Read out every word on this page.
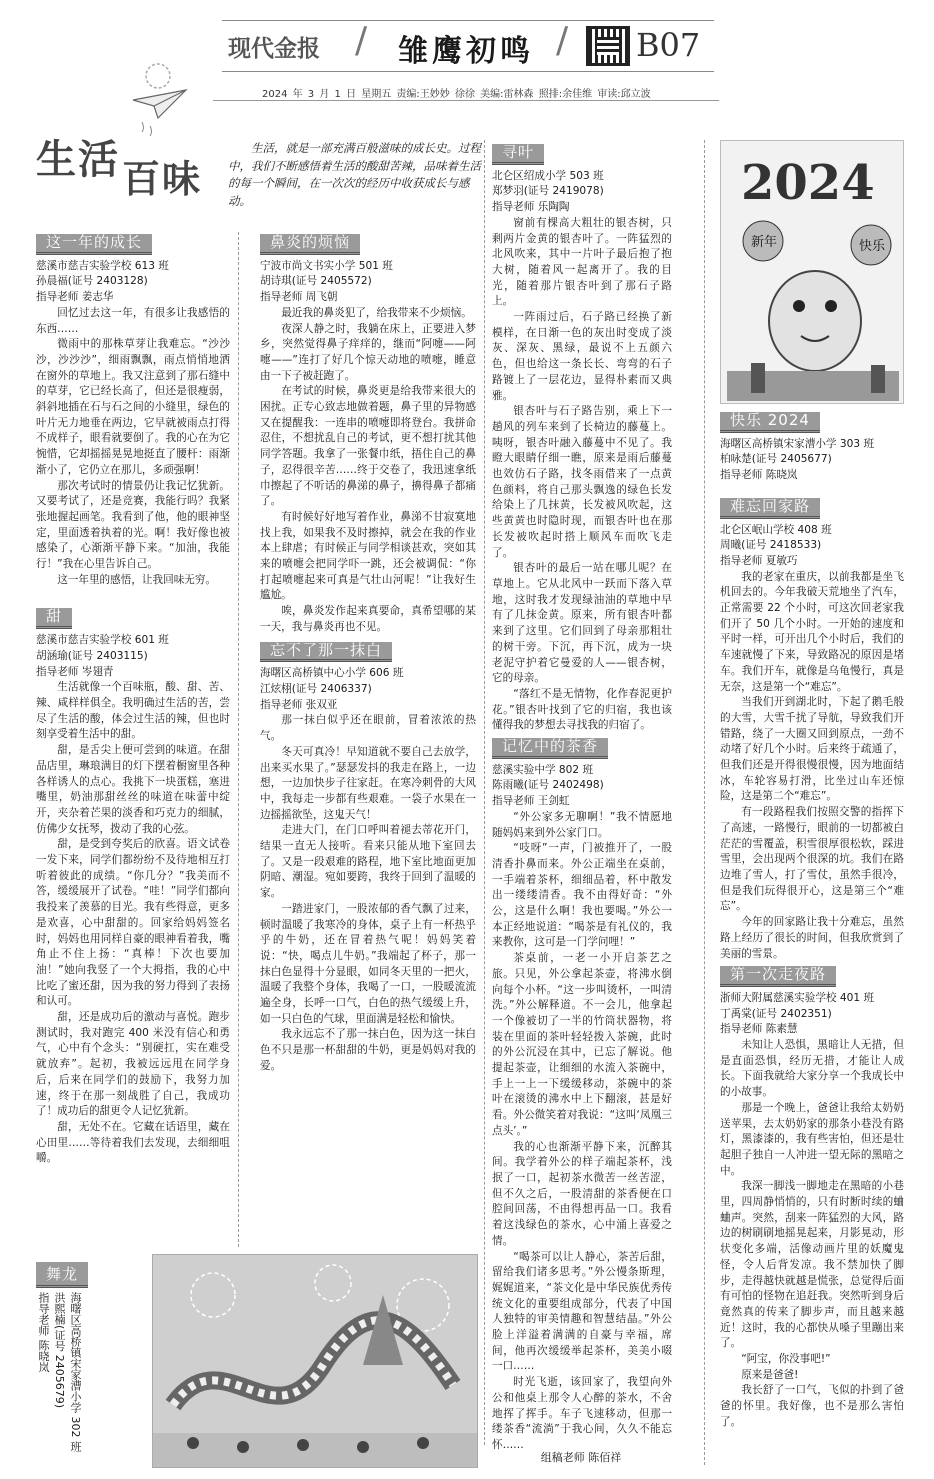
现代金报 / 雏鹰初鸣 / B07
2024 年 3 月 1 日 星期五 责编:王妙妙 徐徐 美编:雷林森 照排:余佳维 审读:邱立波
生活 百味
生活，就是一部充满百般滋味的成长史。过程中，我们不断感悟着生活的酸甜苦辣，品味着生活的每一个瞬间，在一次次的经历中收获成长与感动。
这一年的成长
慈溪市慈吉实验学校 613 班
孙晨福(证号 2403128)
指导老师 姜志华

回忆过去这一年，有很多让我感悟的东西……

微雨中的那株草芽让我难忘。“沙沙沙，沙沙沙”，细雨飘飘，雨点悄悄地洒在窗外的草地上。我又注意到了那石缝中的草芽，它已经长高了，但还是很瘦弱，斜斜地插在石与石之间的小缝里，绿色的叶片无力地垂在两边，它早就被雨点打得不成样子，眼看就要倒了。我的心在为它惋惜，它却摇摇晃晃地挺直了腰杆：雨渐渐小了，它仍立在那儿，多顽强啊！

那次考试时的情景仍让我记忆犹新。又要考试了，还是竞赛，我能行吗？我紧张地握起画笔。我看到了他，他的眼神坚定，里面透着执着的光。啊！我好像也被感染了，心渐渐平静下来。“加油，我能行！”我在心里告诉自己。

这一年里的感悟，让我回味无穷。

甜
慈溪市慈吉实验学校 601 班
胡涵瑜(证号 2403115)
指导老师 岑翅青

生活就像一个百味瓶，酸、甜、苦、辣、咸样样俱全。我明确过生活的苦，尝尽了生活的酸，体会过生活的辣，但也时刻享受着生活中的甜。

甜，是舌尖上便可尝到的味道。在甜品店里，琳琅满目的灯下摆着橱窗里各种各样诱人的点心。我挑下一块蛋糕，塞进嘴里，奶油那甜丝丝的味道在味蕾中绽开，夹杂着芒果的淡香和巧克力的细腻，仿佛少女抚琴，拨动了我的心弦。

甜，是受到夸奖后的欣喜。语文试卷一发下来，同学们都纷纷不及待地相互打听着彼此的成绩。“你几分？”我美而不答，缓缓展开了试卷。“哇！”同学们都向我投来了羡慕的目光。我有些得意，更多是欢喜，心中甜甜的。回家给妈妈签名时，妈妈也用同样自豪的眼神看着我，嘴角止不住上扬：“真棒！下次也要加油！”她向我竖了一个大拇指，我的心中比吃了蜜还甜，因为我的努力得到了表扬和认可。

甜，还是成功后的激动与喜悦。跑步测试时，我对跑完 400 米没有信心和勇气，心中有个念头：“别硬扛，实在难受就放弃”。起初，我被远远甩在同学身后，后来在同学们的鼓励下，我努力加速，终于在那一刻战胜了自己，我成功了！成功后的甜更令人记忆犹新。

甜，无处不在。它藏在话语里，藏在心田里……等待着我们去发现，去细细咀嚼。

鼻炎的烦恼
宁波市尚文书实小学 501 班
胡诗琪(证号 2405572)
指导老师 周飞朝

最近我的鼻炎犯了，给我带来不少烦恼。

夜深人静之时，我躺在床上，正要进入梦乡，突然觉得鼻子痒痒的，继而“阿嚏——阿嚏——”连打了好几个惊天动地的喷嚏，睡意由一下子被赶跑了。

在考试的时候，鼻炎更是给我带来很大的困扰。正专心致志地做着题，鼻子里的异物感又在提醒我：一连串的喷嚏即将登台。我拼命忍住，不想扰乱自己的考试，更不想打扰其他同学答题。我拿了一张餐巾纸，捂住自己的鼻子，忍得很辛苦……终于交卷了，我迅速拿纸巾擦起了不听话的鼻涕的鼻子，擤得鼻子都痛了。

有时候好好地写着作业，鼻涕不甘寂寞地找上我，如果我不及时擦掉，就会在我的作业本上肆虐；有时候正与同学相谈甚欢，突如其来的喷嚏会把同学吓一跳，还会被调侃：“你打起喷嚏起来可真是气壮山河呢！”让我好生尴尬。

唉，鼻炎发作起来真要命，真希望哪的某一天，我与鼻炎再也不见。

忘不了那一抹白
海曙区高桥镇中心小学 606 班
江炫栩(证号 2406337)
指导老师 张双亚

那一抹白似乎还在眼前，冒着浓浓的热气。

冬天可真冷！早知道就不要自己去放学，出来买水果了。”瑟瑟发抖的我走在路上，一边想，一边加快步子往家赶。在寒冷刺骨的大风中，我每走一步都有些艰难。一袋子水果在一边摇摇欲坠，这鬼天气！

走进大门，在门口呼叫着褪去蒂花开门，结果一直无人接听。看来只能从地下室回去了。又是一段艰难的路程，地下室比地面更加阴暗、潮湿。宛如要跨，我终于回到了温暖的家。

一踏进家门，一股浓郁的香气飘了过来，顿时温暖了我寒冷的身体，桌子上有一杯热乎乎的牛奶，还在冒着热气呢！妈妈笑着说：“快，喝点儿牛奶。”我端起了杯子，那一抹白色显得十分显眼，如同冬天里的一把火，温暖了我整个身体，我喝了一口，一股暖流流遍全身，长呼一口气，白色的热气缓缓上升，如一只白色的气球，里面满是轻松和愉快。

我永远忘不了那一抹白色，因为这一抹白色不只是那一杯甜甜的牛奶，更是妈妈对我的爱。

寻叶
北仑区绍成小学 503 班
郑梦羽(证号 2419078)
指导老师 乐陶陶

窗前有棵高大粗壮的银杏树，只剩两片金黄的银杏叶了。一阵猛烈的北风吹来，其中一片叶子最后抱了抱大树，随着风一起离开了。我的目光，随着那片银杏叶到了那石子路上。

一阵雨过后，石子路已经换了新模样，在日渐一色的灰出时变成了淡灰、深灰、黑绿，最说不上五颜六色，但也给这一条长长、弯弯的石子路镀上了一层花边，显得朴素而又典雅。

银杏叶与石子路告别，乘上下一趟风的列车来到了长椅边的藤蔓上。咦呀，银杏叶融入藤蔓中不见了。我瞪大眼睛仔细一瞧，原来是雨后藤蔓也效仿石子路，找冬雨借来了一点黄色颜料，将自己那头飘逸的绿色长发给染上了几抹黄，长发被风吹起，这些黄黄也时隐时现，而银杏叶也在那长发被吹起时搭上顺风车而吹飞走了。

银杏叶的最后一站在哪儿呢？在草地上。它从北风中一跃而下落入草地，这时我才发现绿油油的草地中早有了几抹金黄。原来，所有银杏叶都来到了这里。它们回到了母亲那粗壮的树干旁。下沉，再下沉，成为一块老泥守护着它曼爱的人——银杏树，它的母亲。

“落红不是无情物，化作春泥更护花。”银杏叶找到了它的归宿，我也该懂得我的梦想去寻找我的归宿了。

记忆中的茶香
慈溪实验中学 802 班
陈雨曦(证号 2402498)
指导老师 王剑虹

“外公家多无聊啊！”我不情愿地随妈妈来到外公家门口。

“吱呀”一声，门被推开了，一股清香扑鼻而来。外公正端坐在桌前，一手端着茶杯，细细品着，杯中散发出一缕缕清香。我不由得好奇：“外公，这是什么啊！我也要喝。”外公一本正经地说道：“喝茶是有礼仪的，我来教你，这可是一门学问哩！”

茶桌前，一老一小开启茶艺之旅。只见，外公拿起茶壶，将沸水倒向每个小杯。“这一步叫烫杯，一叫清洗。”外公解释道。不一会儿，他拿起一个像被切了一半的竹筒状器物，将装在里面的茶叶轻轻拨入茶碗，此时的外公沉浸在其中，已忘了解说。他提起茶壶，让细细的水流入茶碗中，手上一上一下缓缓移动，茶碗中的茶叶在滚烫的沸水中上下翻滚，甚是好看。外公微笑着对我说：“这叫‘凤凰三点头’。”

我的心也渐渐平静下来，沉醉其间。我学着外公的样子端起茶杯，浅抿了一口，起初茶水微苦一丝苦涩，但不久之后，一股清甜的茶香便在口腔间回荡，不由得想再品一口。我看着这浅绿色的茶水，心中涌上喜爱之情。

“喝茶可以让人静心，茶苦后甜，留给我们诸多思考。”外公慢条斯理，娓娓道来，“茶文化是中华民族优秀传统文化的重要组成部分，代表了中国人独特的审美情趣和智慧结晶。”外公脸上洋溢着满满的自豪与幸福，席间，他再次缓缓举起茶杯，美美小啜一口……

时光飞逝，该回家了，我望向外公和他桌上那令人心醉的茶水，不舍地挥了挥手。车子飞速移动，但那一缕茶香“流淌”于我心间，久久不能忘怀……

组稿老师 陈佰祥
2024
新年	快乐
快乐 2024
海曙区高桥镇宋家漕小学 303 班
柏咏楚(证号 2405677)
指导老师 陈晓岚
难忘回家路
北仑区岷山学校 408 班
周曦(证号 2418533)
指导老师 夏敏巧

我的老家在重庆，以前我都是坐飞机回去的。今年我破天荒地坐了汽车，正常需要 22 个小时，可这次回老家我们开了 50 几个小时。一开始的速度和平时一样，可开出几个小时后，我们的车速就慢了下来，导致路况的原因是堵车。我们开车，就像是乌龟慢行，真是无奈，这是第一个“难忘”。

当我们开到湖北时，下起了鹅毛般的大雪，大雪千扰了导航，导致我们开错路，绕了一大圈又回到原点，一劲不动堵了好几个小时。后来终于疏通了，但我们还是开得很慢很慢，因为地面结冰，车轮容易打滑，比坐过山车还惊险，这是第二个“难忘”。

有一段路程我们按照交警的指挥下了高速，一路慢行，眼前的一切都被白茫茫的雪覆盖，积雪很厚很松软，踩进雪里，会出现两个很深的坑。我们在路边堆了雪人，打了雪仗，虽然手很冷，但是我们玩得很开心，这是第三个“难忘”。

今年的回家路让我十分难忘，虽然路上经历了很长的时间，但我欣赏到了美丽的雪景。

第一次走夜路
浙师大附属慈溪实验学校 401 班
丁禹棠(证号 2402351)
指导老师 陈素慧

未知让人恐惧，黑暗让人无措，但是直面恐惧，经历无措，才能让人成长。下面我就给大家分享一个我成长中的小故事。

那是一个晚上，爸爸让我给太奶奶送苹果，去太奶奶家的那条小巷没有路灯，黑漆漆的，我有些害怕，但还是壮起胆子独自一人冲进一望无际的黑暗之中。

我深一脚浅一脚地走在黑暗的小巷里，四周静悄悄的，只有时断时续的蛐蛐声。突然，刮来一阵猛烈的大风，路边的树刷刷地摇晃起来，月影晃动，形状变化多端，活像动画片里的妖魔鬼怪，令人后背发凉。我不禁加快了脚步，走得越快就越是慌张，总觉得后面有可怕的怪物在追赶我。突然听到身后竟然真的传来了脚步声，而且越来越近！这时，我的心都快从嗓子里蹦出来了。

“阿宝，你没事吧!”

原来是爸爸!

我长舒了一口气，飞似的扑到了爸爸的怀里。我好像，也不是那么害怕了。

舞龙
指导老师 陈晓岚 洪熙楠(证号 2405679) 海曙区高桥镇宋家漕小学 302 班
